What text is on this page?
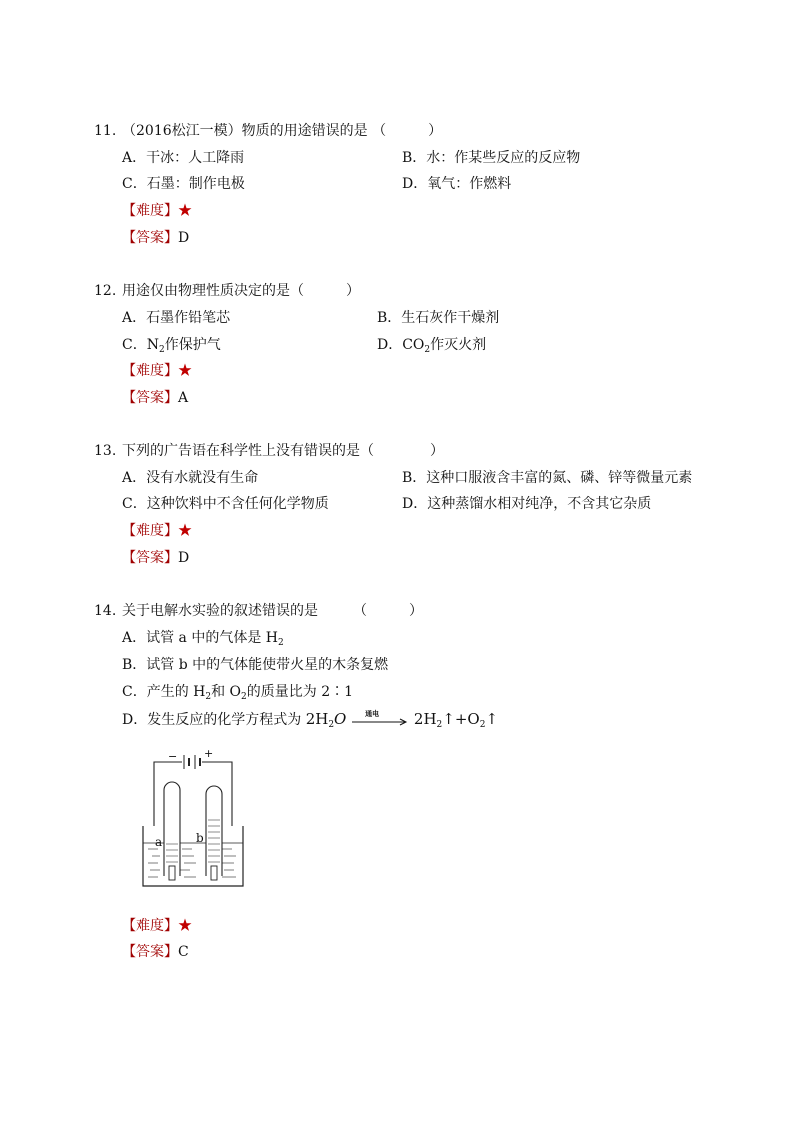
11. （2016松江一模）物质的用途错误的是 （　　　）
A．干冰：人工降雨	B．水：作某些反应的反应物
C．石墨：制作电极	D．氧气：作燃料
【难度】★
【答案】D
12. 用途仅由物理性质决定的是（　　　）
A．石墨作铅笔芯	B．生石灰作干燥剂
C．$N_2$作保护气	D．$CO_2$作灭火剂
【难度】★
【答案】A
13. 下列的广告语在科学性上没有错误的是（　　　　）
A．没有水就没有生命	B．这种口服液含丰富的氮、磷、锌等微量元素
C．这种饮料中不含任何化学物质	D．这种蒸馏水相对纯净，不含其它杂质
【难度】★
【答案】D
14. 关于电解水实验的叙述错误的是　　　（　　　）
A．试管 a 中的气体是 $H_2$
B．试管 b 中的气体能使带火星的木条复燃
C．产生的 $H_2$和 $O_2$的质量比为 2∶1
D．发生反应的化学方程式为 $2H_2O$	通电 $2H_2↑+O_2↑$
− +
a	b
【难度】★
【答案】C
